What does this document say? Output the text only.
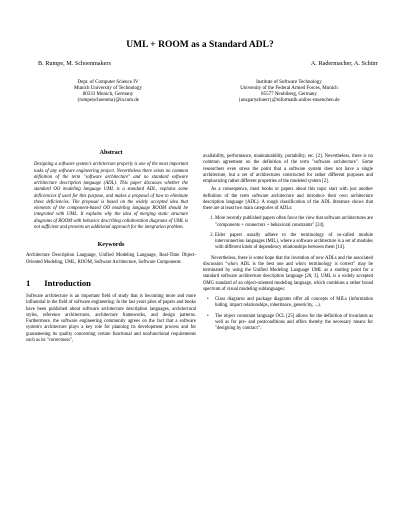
UML + ROOM as a Standard ADL?
B. Rumpe, M. Schoenmakers	A. Radermacher, A. Schürr
Dept. of Computer Science IV
Munich University of Technology
80333 Munich, Germany
{rumpe|schoenma}@in.tum.de
Institute of Software Technology
University of the Federal Armed Forces, Munich
85577 Neubiberg, Germany
{ansgar|schuerr}@informatik.unibw-muenchen.de
Abstract

Designing a software system's architecture properly is one of the most important tasks of any software engineering project. Nevertheless there exists no common definition of the term "software architecture" and no standard software architecture description language (ADL). This paper discusses whether the standard OO modeling language UML is a standard ADL, explains some deficiencies if used for this purpose, and makes a proposal of how to eliminate these deficiencies. The proposal is based on the widely accepted idea that elements of the component-based OO modeling language ROOM should be integrated with UML. It explains why the idea of merging static structure diagrams of ROOM with behavior describing collaboration diagrams of UML is not sufficient and presents an additional approach for the integration problem.

Keywords

Architecture Description Language, Unified Modeling Language, Real-Time Object-Oriented Modeling, UML, ROOM, Software Architecture, Software Components

1 Introduction

Software architecture is an important field of study that is becoming more and more influential in the field of software engineering. In the last years piles of papers and books have been published about software architecture description languages, architectural styles, reference architectures, architecture frameworks, and design patterns. Furthermore, the software engineering community agrees on the fact that a software system's architecture plays a key role for planning its development process and for guaranteeing its quality concerning certain functional and nonfunctional requirements such as its "correctness",

availability, performance, maintainability, portability, etc. [2]. Nevertheless, there is no common agreement on the definition of the term "software architecture". Some researchers even stress the point that a software system does not have a single architecture, but a set of architectures constructed for rather different purposes and emphasizing rather different properties of the modeled system [2].

As a consequence, most books or papers about this topic start with just another definition of the term software architecture and introduce their own architecture description language (ADL). A rough classification of the ADL literature shows that there are at least two main categories of ADLs:

1. More recently published papers often favor the view that software architectures are "components + connectors + behavioral constraints" [24].
2. Elder papers usually adhere to the terminology of so-called module interconnection languages (MIL), where a software architecture is a set of modules with different kinds of dependency relationships between them [14].

Nevertheless, there is some hope that the invention of new ADLs and the associated discussion "who's ADL is the best one and who's terminology is correct" may be terminated by using the Unified Modeling Language UML as a starting point for a standard software architecture description language [20, 3]. UML is a widely accepted OMG standard of an object-oriented modeling language, which combines a rather broad spectrum of visual modeling sublanguages:

• Class diagrams and package diagrams offer all concepts of MILs (information hiding, import relationships, inheritance, genericity, ...).
• The object constraint language OCL [25] allows for the definition of invariants as well as for pre- and postconditions and offers thereby the necessary means for "designing by contract".
